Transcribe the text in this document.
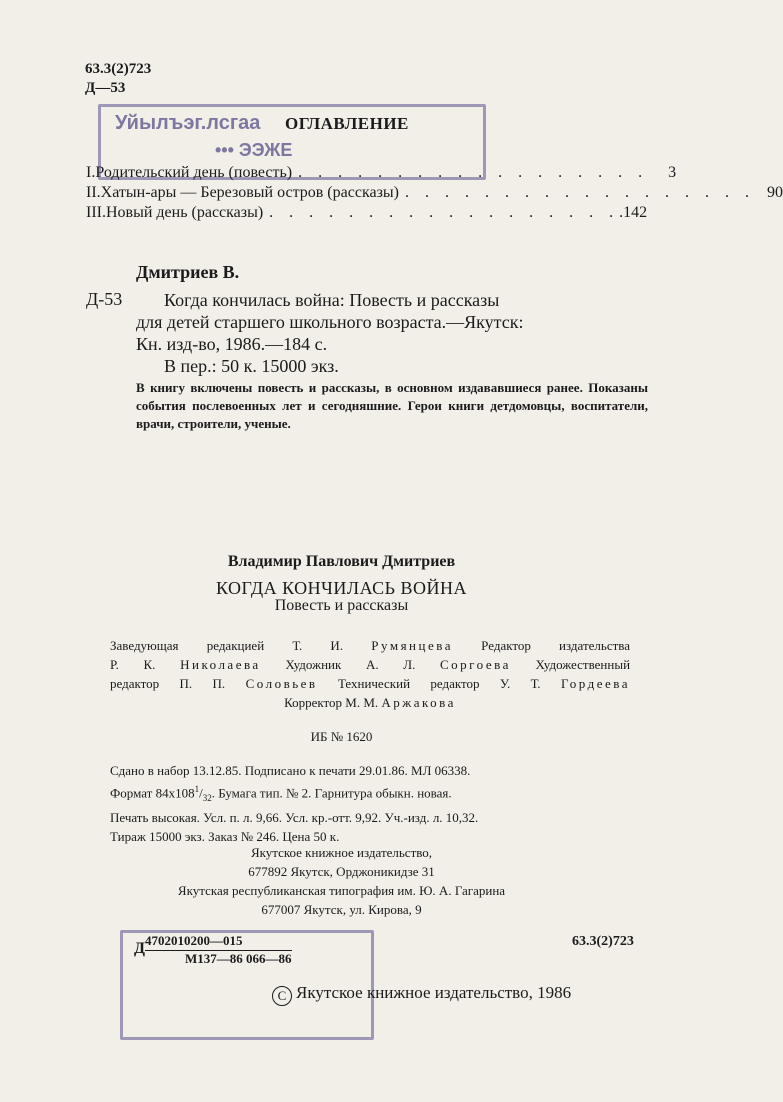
63.3(2)723
Д—53
Уйылъэг.лсгаа
••• ЭЭЖЕ
ОГЛАВЛЕНИЕ
I. Родительский день (повесть) . . . . . . . . . . . . . . . . . .	3
II. Хатын-ары — Березовый остров (рассказы) . . . . . . . . . . . . . . . . . . 90
III. Новый день (рассказы) . . . . . . . . . . . . . . . . . . .142
Дмитриев В.
Д-53 Когда кончилась война: Повесть и рассказы
для детей старшего школьного возраста.—Якутск:
Кн. изд-во, 1986.—184 с.
В пер.: 50 к. 15000 экз.
В книгу включены повесть и рассказы, в основном издававшиеся ранее. Показаны события послевоенных лет и сегодняшние. Герои книги детдомовцы, воспитатели, врачи, строители, ученые.
Владимир Павлович Дмитриев
КОГДА КОНЧИЛАСЬ ВОЙНА
Повесть и рассказы
Заведующая редакцией Т. И. Румянцева Редактор издательства
Р. К. Николаева Художник А. Л. Соргоева Художественный
редактор П. П. Соловьев Технический редактор У. Т. Гордеева
Корректор М. М. Аржакова
ИБ № 1620
Сдано в набор 13.12.85. Подписано к печати 29.01.86. МЛ 06338.
Формат $84x108^1/_{32}$. Бумага тип. № 2. Гарнитура обыкн. новая.
Печать высокая. Усл. п. л. 9,66. Усл. кр.-отт. 9,92. Уч.-изд. л. 10,32.
Тираж 15000 экз. Заказ № 246. Цена 50 к.
Якутское книжное издательство,
677892 Якутск, Орджоникидзе 31
Якутская республиканская типография им. Ю. А. Гагарина
677007 Якутск, ул. Кирова, 9
Д 4702010200—015
М137—86 066—86
63.3(2)723
C Якутское книжное издательство, 1986
